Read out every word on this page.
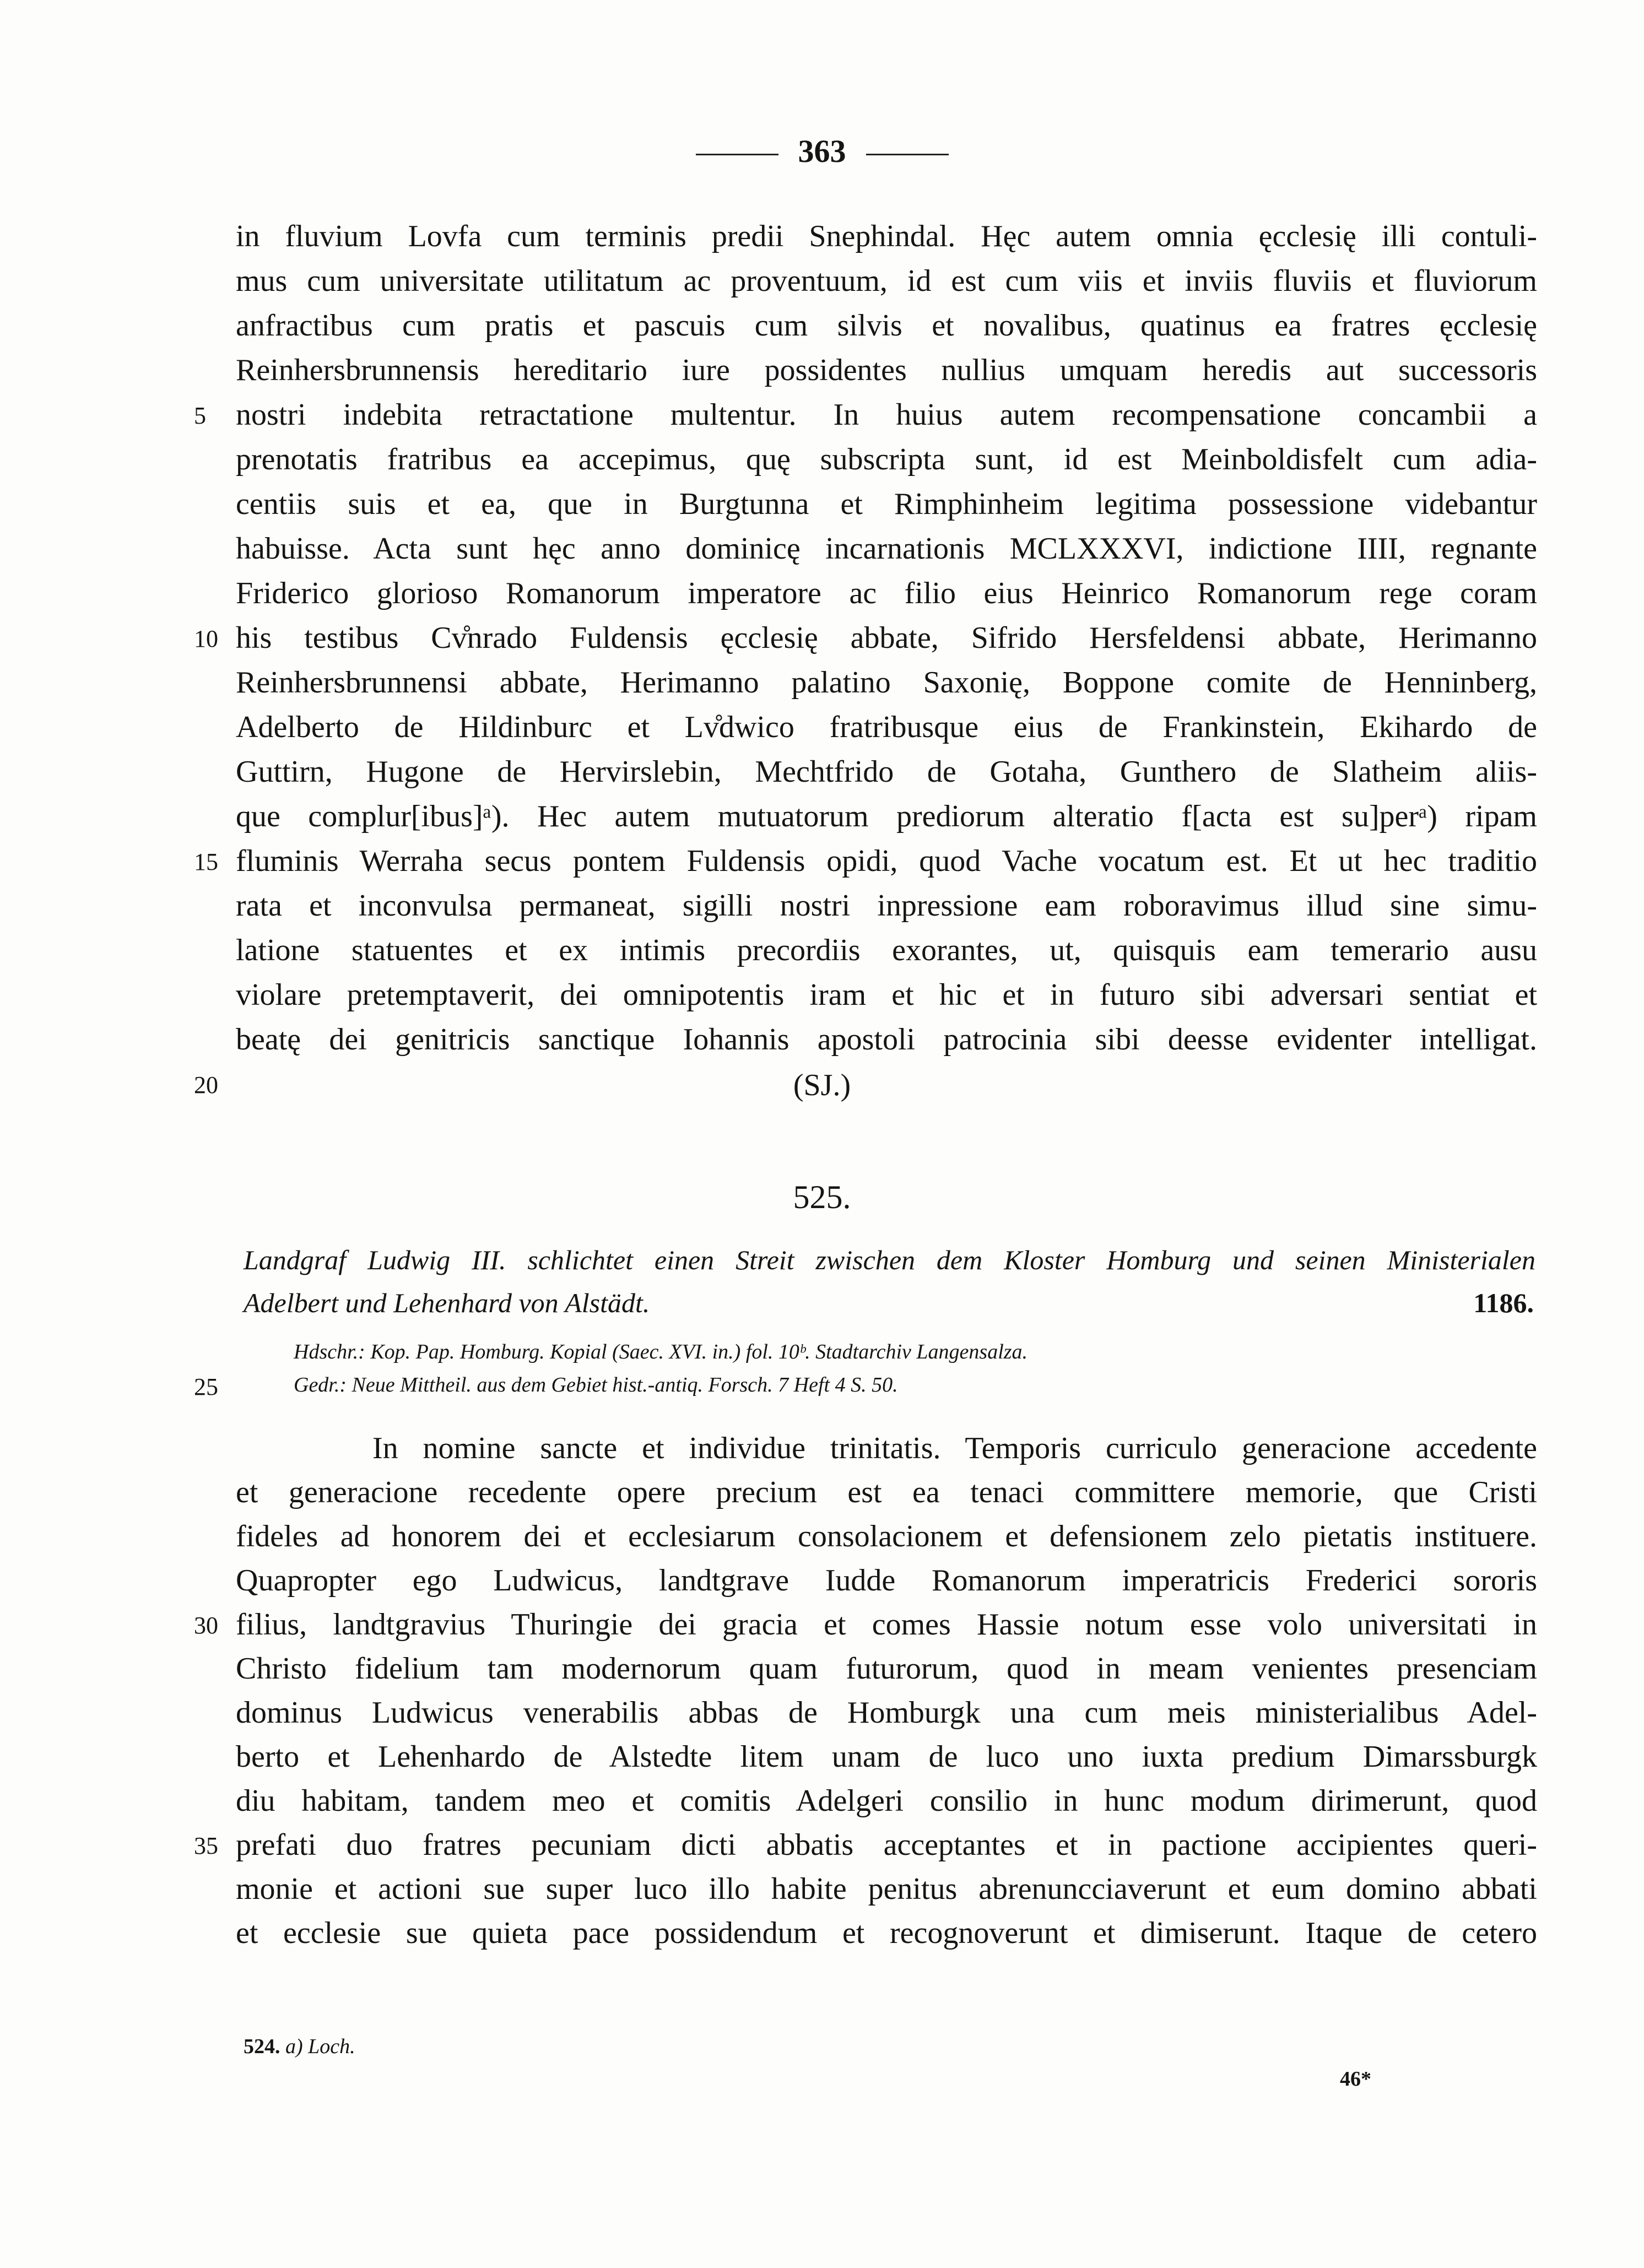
363
in fluvium Lovfa cum terminis predii Snephindal. Hęc autem omnia ęcclesię illi contuli-
mus cum universitate utilitatum ac proventuum, id est cum viis et inviis fluviis et fluviorum
anfractibus cum pratis et pascuis cum silvis et novalibus, quatinus ea fratres ęcclesię
Reinhersbrunnensis hereditario iure possidentes nullius umquam heredis aut successoris
nostri indebita retractatione multentur. In huius autem recompensatione concambii a
prenotatis fratribus ea accepimus, quę subscripta sunt, id est Meinboldisfelt cum adia-
centiis suis et ea, que in Burgtunna et Rimphinheim legitima possessione videbantur
habuisse. Acta sunt hęc anno dominicę incarnationis MCLXXXVI, indictione IIII, regnante
Friderico glorioso Romanorum imperatore ac filio eius Heinrico Romanorum rege coram
his testibus Cv̊nrado Fuldensis ęcclesię abbate, Sifrido Hersfeldensi abbate, Herimanno
Reinhersbrunnensi abbate, Herimanno palatino Saxonię, Boppone comite de Henninberg,
Adelberto de Hildinburc et Lv̊dwico fratribusque eius de Frankinstein, Ekihardo de
Guttirn, Hugone de Hervirslebin, Mechtfrido de Gotaha, Gunthero de Slatheim aliis-
que complur[ibus]ᵃ). Hec autem mutuatorum prediorum alteratio f[acta est su]perᵃ) ripam
fluminis Werraha secus pontem Fuldensis opidi, quod Vache vocatum est. Et ut hec traditio
rata et inconvulsa permaneat, sigilli nostri inpressione eam roboravimus illud sine simu-
latione statuentes et ex intimis precordiis exorantes, ut, quisquis eam temerario ausu
violare pretemptaverit, dei omnipotentis iram et hic et in futuro sibi adversari sentiat et
beatę dei genitricis sanctique Iohannis apostoli patrocinia sibi deesse evidenter intelligat.
(SJ.)
525.
Landgraf Ludwig III. schlichtet einen Streit zwischen dem Kloster Homburg und seinen Ministerialen
Adelbert und Lehenhard von Alstädt.	1186.
Hdschr.: Kop. Pap. Homburg. Kopial (Saec. XVI. in.) fol. 10ᵇ. Stadtarchiv Langensalza.
Gedr.: Neue Mittheil. aus dem Gebiet hist.-antiq. Forsch. 7 Heft 4 S. 50.
In nomine sancte et individue trinitatis. Temporis curriculo generacione accedente
et generacione recedente opere precium est ea tenaci committere memorie, que Cristi
fideles ad honorem dei et ecclesiarum consolacionem et defensionem zelo pietatis instituere.
Quapropter ego Ludwicus, landtgrave Iudde Romanorum imperatricis Frederici sororis
filius, landtgravius Thuringie dei gracia et comes Hassie notum esse volo universitati in
Christo fidelium tam modernorum quam futurorum, quod in meam venientes presenciam
dominus Ludwicus venerabilis abbas de Homburgk una cum meis ministerialibus Adel-
berto et Lehenhardo de Alstedte litem unam de luco uno iuxta predium Dimarssburgk
diu habitam, tandem meo et comitis Adelgeri consilio in hunc modum dirimerunt, quod
prefati duo fratres pecuniam dicti abbatis acceptantes et in pactione accipientes queri-
monie et actioni sue super luco illo habite penitus abrenuncciaverunt et eum domino abbati
et ecclesie sue quieta pace possidendum et recognoverunt et dimiserunt. Itaque de cetero
5
10
15
20
25
30
35
524. a) Loch.
46*
